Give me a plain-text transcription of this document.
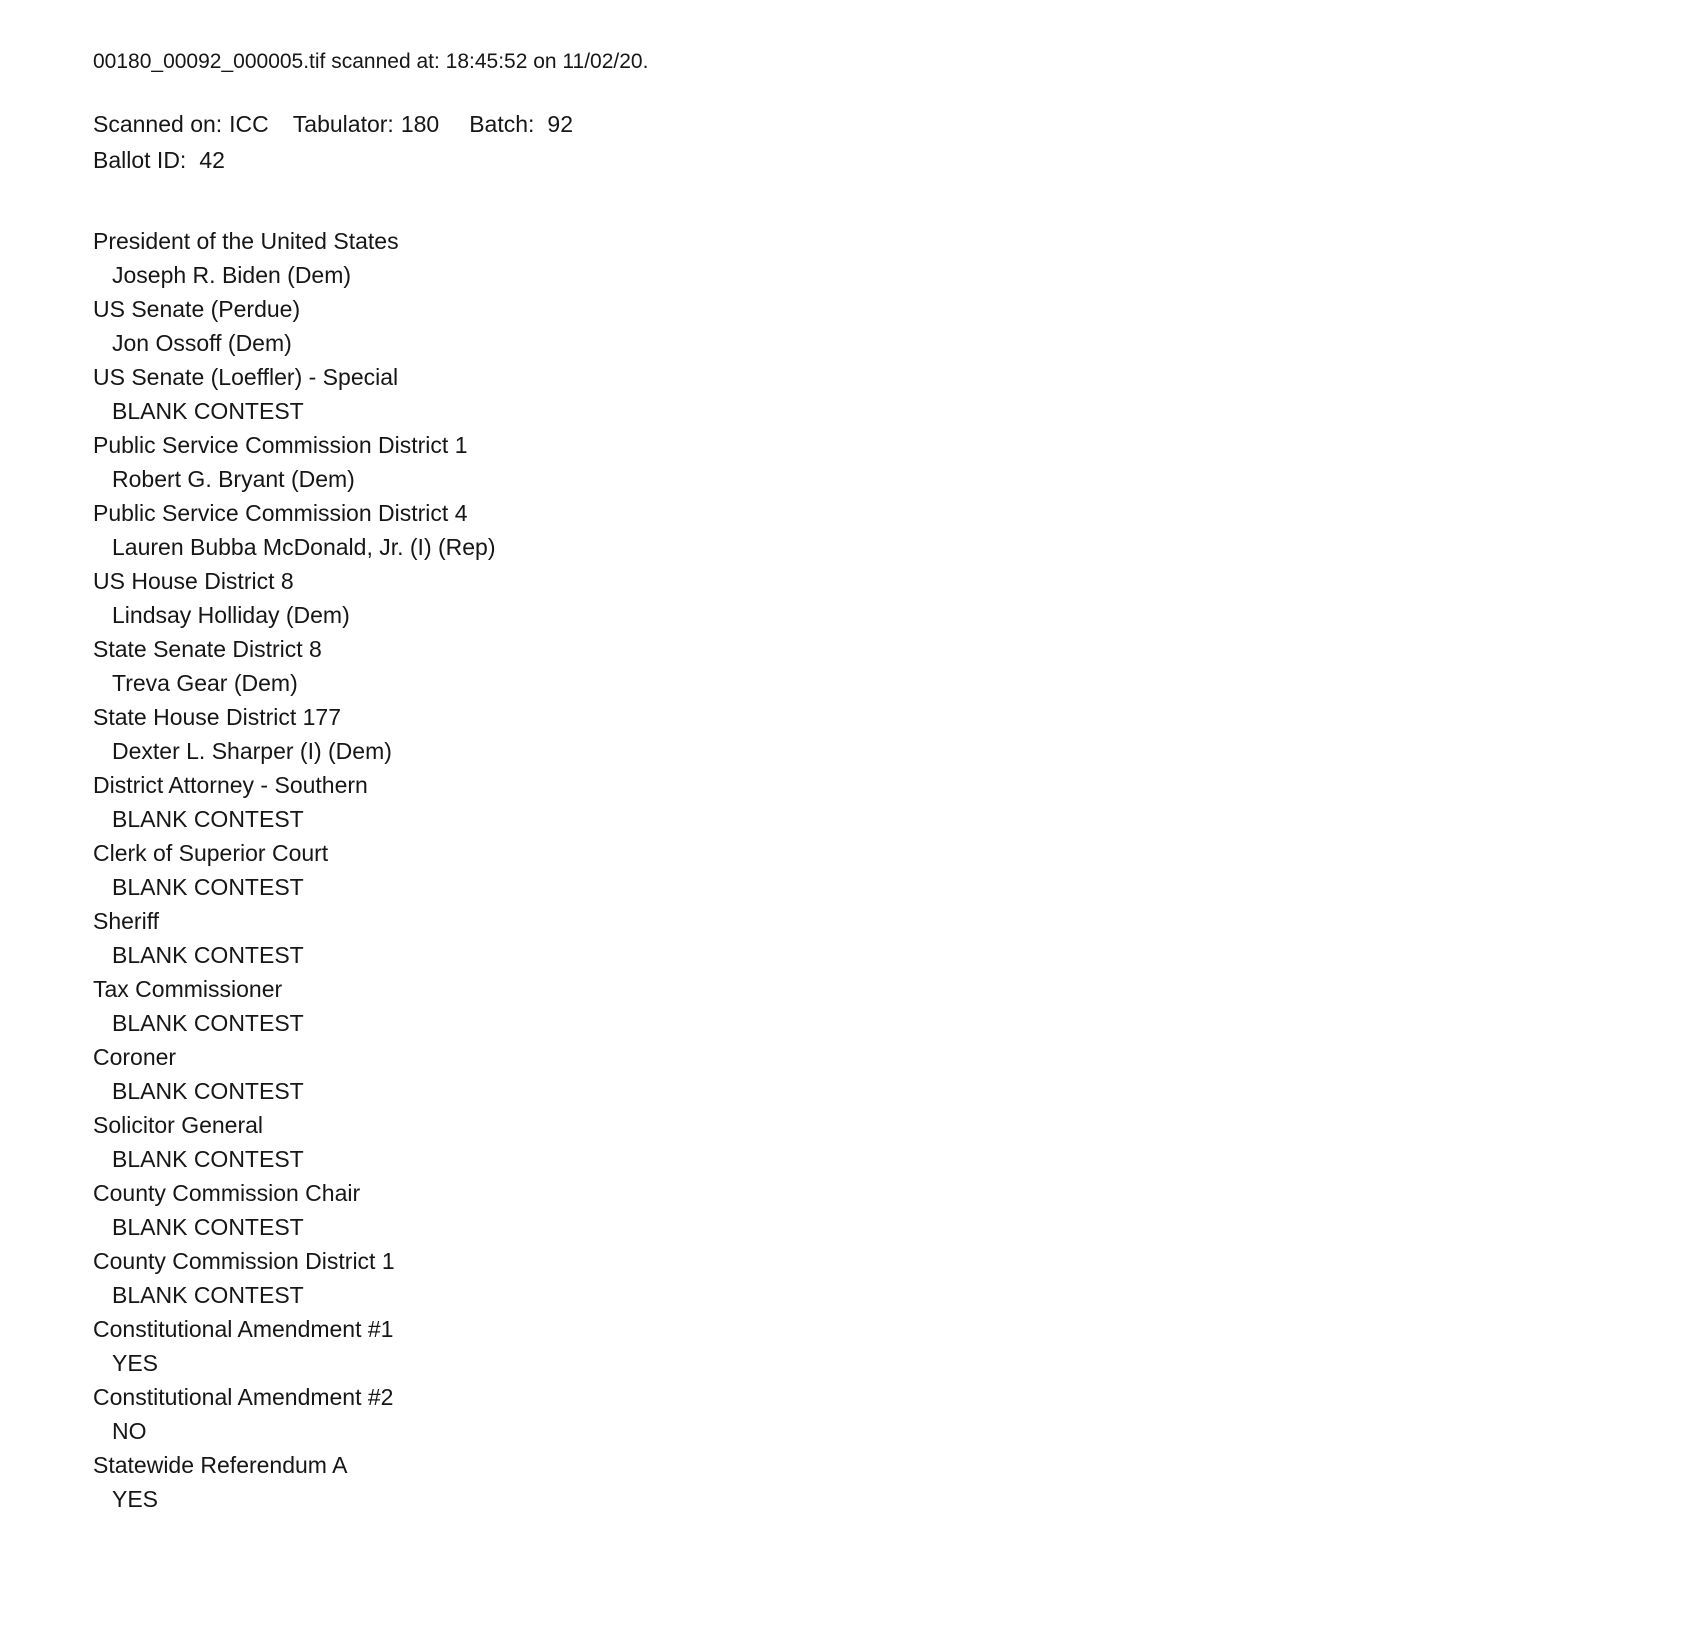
00180_00092_000005.tif scanned at: 18:45:52 on 11/02/20.
Scanned on: ICC Tabulator: 180 Batch: 92
Ballot ID: 42
President of the United States
Joseph R. Biden (Dem)
US Senate (Perdue)
Jon Ossoff (Dem)
US Senate (Loeffler) - Special
BLANK CONTEST
Public Service Commission District 1
Robert G. Bryant (Dem)
Public Service Commission District 4
Lauren Bubba McDonald, Jr. (I) (Rep)
US House District 8
Lindsay Holliday (Dem)
State Senate District 8
Treva Gear (Dem)
State House District 177
Dexter L. Sharper (I) (Dem)
District Attorney - Southern
BLANK CONTEST
Clerk of Superior Court
BLANK CONTEST
Sheriff
BLANK CONTEST
Tax Commissioner
BLANK CONTEST
Coroner
BLANK CONTEST
Solicitor General
BLANK CONTEST
County Commission Chair
BLANK CONTEST
County Commission District 1
BLANK CONTEST
Constitutional Amendment #1
YES
Constitutional Amendment #2
NO
Statewide Referendum A
YES
